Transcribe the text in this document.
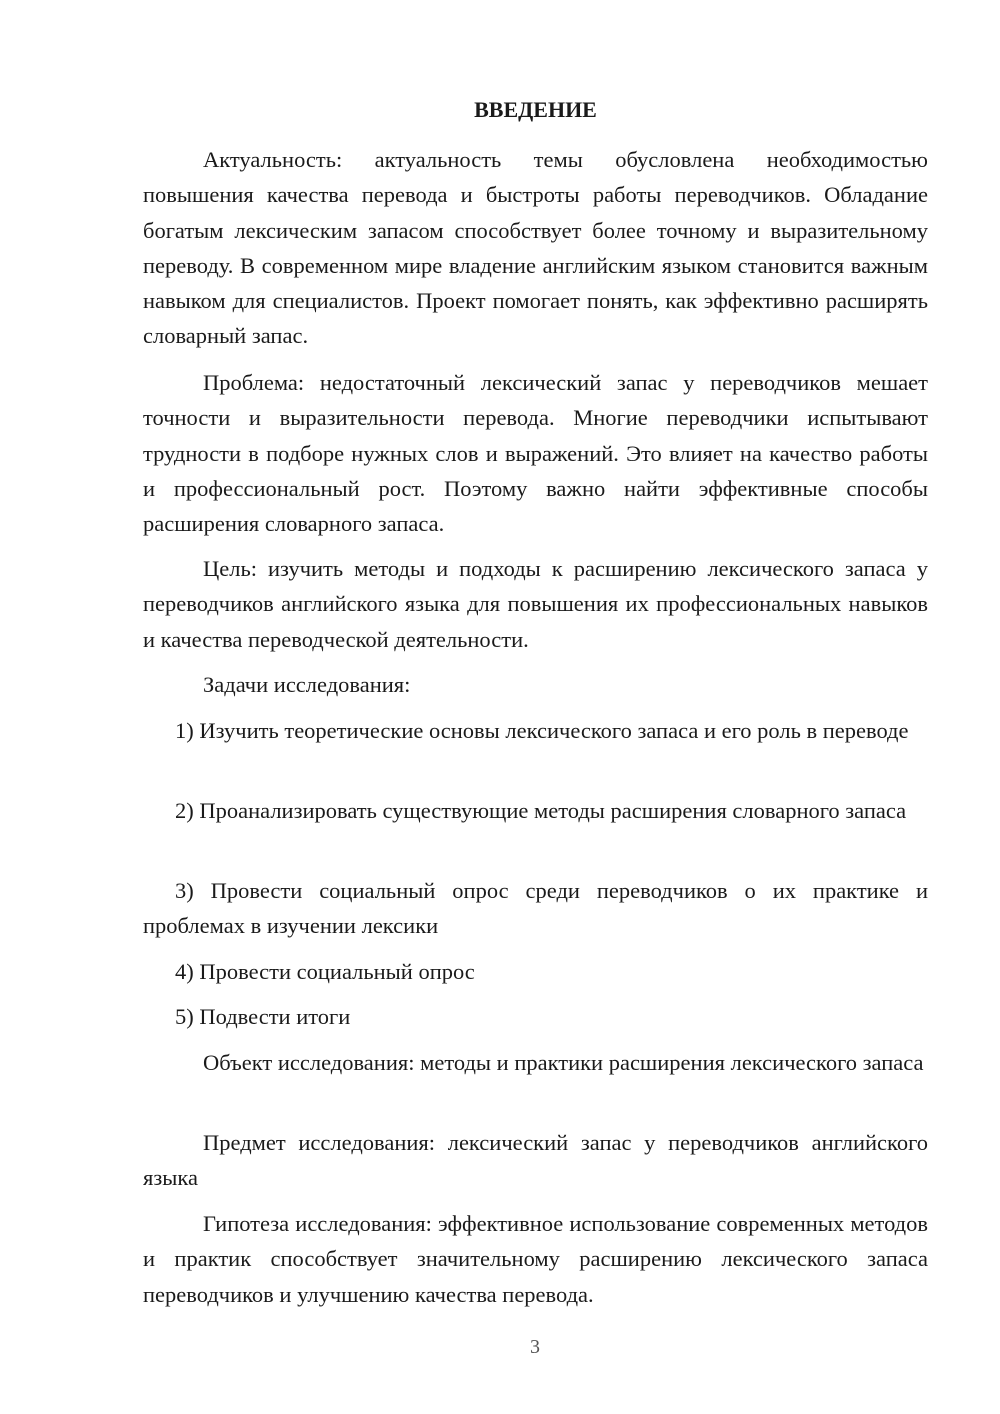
ВВЕДЕНИЕ

Актуальность: актуальность темы обусловлена необходимостью повышения качества перевода и быстроты работы переводчиков. Обладание богатым лексическим запасом способствует более точному и выразительному переводу. В современном мире владение английским языком становится важным навыком для специалистов. Проект помогает понять, как эффективно расширять словарный запас.

Проблема: недостаточный лексический запас у переводчиков мешает точности и выразительности перевода. Многие переводчики испытывают трудности в подборе нужных слов и выражений. Это влияет на качество работы и профессиональный рост. Поэтому важно найти эффективные способы расширения словарного запаса.

Цель: изучить методы и подходы к расширению лексического запаса у переводчиков английского языка для повышения их профессиональных навыков и качества переводческой деятельности.

Задачи исследования:

1) Изучить теоретические основы лексического запаса и его роль в переводе

2) Проанализировать существующие методы расширения словарного запаса

3) Провести социальный опрос среди переводчиков о их практике и проблемах в изучении лексики

4) Провести социальный опрос

5) Подвести итоги

Объект исследования: методы и практики расширения лексического запаса

Предмет исследования: лексический запас у переводчиков английского языка

Гипотеза исследования: эффективное использование современных методов и практик способствует значительному расширению лексического запаса переводчиков и улучшению качества перевода.

3
